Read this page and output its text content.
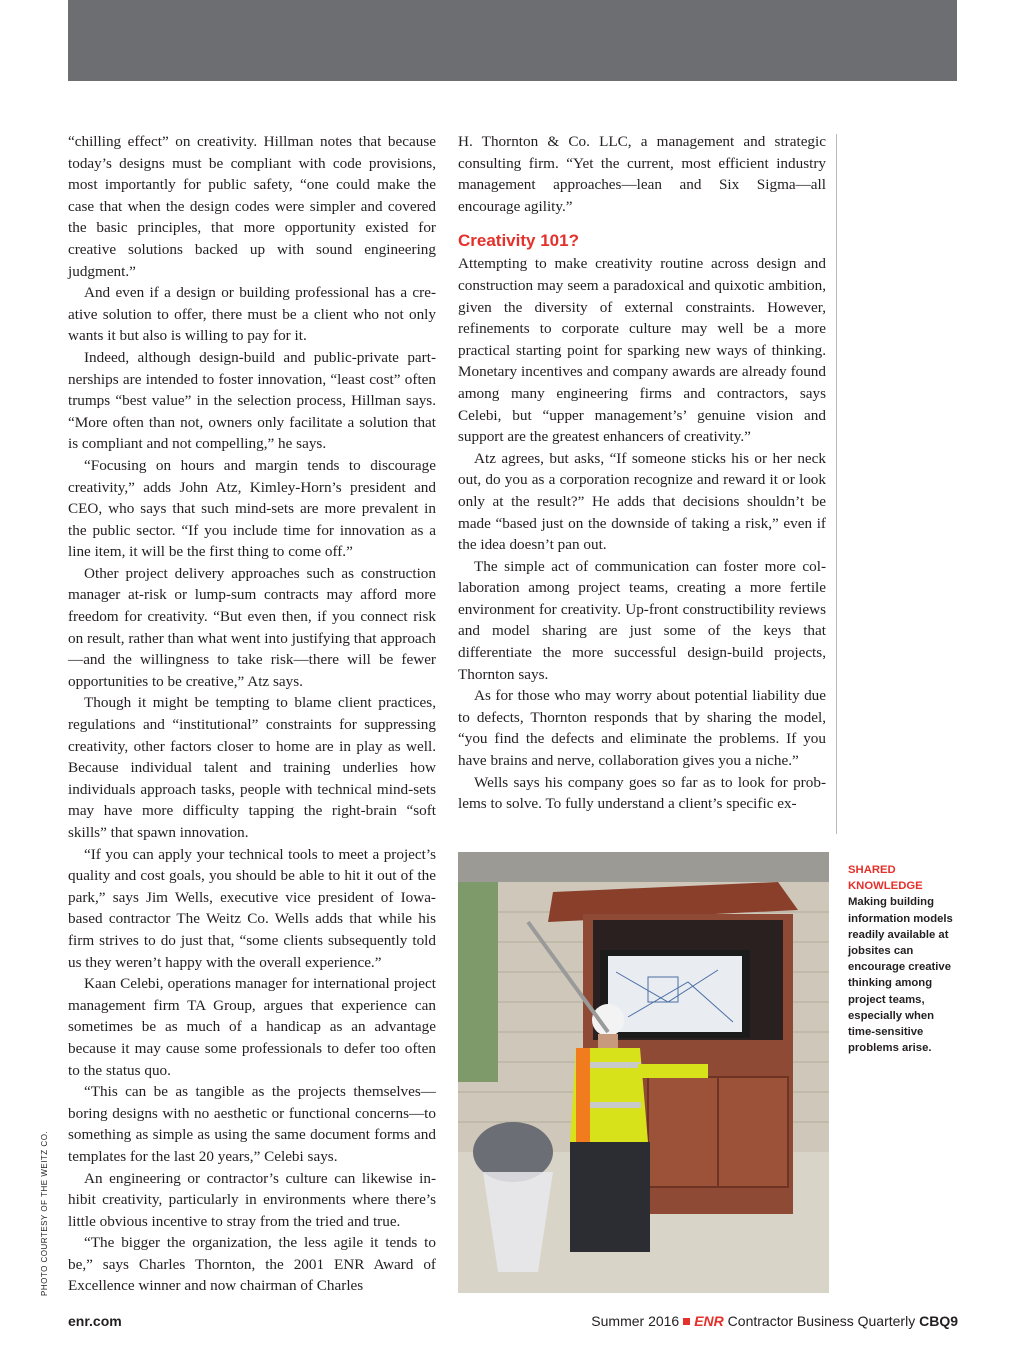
“chilling effect” on creativity. Hillman notes that because today’s designs must be compliant with code provisions, most importantly for public safety, “one could make the case that when the design codes were simpler and covered the basic principles, that more opportunity existed for creative solutions backed up with sound engineering judgment.”

And even if a design or building professional has a creative solution to offer, there must be a client who not only wants it but also is willing to pay for it.

Indeed, although design-build and public-private partnerships are intended to foster innovation, “least cost” often trumps “best value” in the selection process, Hillman says. “More often than not, owners only facilitate a solution that is compliant and not compelling,” he says.

“Focusing on hours and margin tends to discourage creativity,” adds John Atz, Kimley-Horn’s president and CEO, who says that such mind-sets are more prevalent in the public sector. “If you include time for innovation as a line item, it will be the first thing to come off.”

Other project delivery approaches such as construction manager at-risk or lump-sum contracts may afford more freedom for creativity. “But even then, if you connect risk on result, rather than what went into justifying that approach—and the willingness to take risk—there will be fewer opportunities to be creative,” Atz says.

Though it might be tempting to blame client practices, regulations and “institutional” constraints for suppressing creativity, other factors closer to home are in play as well. Because individual talent and training underlies how individuals approach tasks, people with technical mind-sets may have more difficulty tapping the right-brain “soft skills” that spawn innovation.

“If you can apply your technical tools to meet a project’s quality and cost goals, you should be able to hit it out of the park,” says Jim Wells, executive vice president of Iowa-based contractor The Weitz Co. Wells adds that while his firm strives to do just that, “some clients subsequently told us they weren’t happy with the overall experience.”

Kaan Celebi, operations manager for international project management firm TA Group, argues that experience can sometimes be as much of a handicap as an advantage because it may cause some professionals to defer too often to the status quo.

“This can be as tangible as the projects themselves—boring designs with no aesthetic or functional concerns—to something as simple as using the same document forms and templates for the last 20 years,” Celebi says.

An engineering or contractor’s culture can likewise inhibit creativity, particularly in environments where there’s little obvious incentive to stray from the tried and true.

“The bigger the organization, the less agile it tends to be,” says Charles Thornton, the 2001 ENR Award of Excellence winner and now chairman of Charles

H. Thornton & Co. LLC, a management and strategic consulting firm. “Yet the current, most efficient industry management approaches—lean and Six Sigma—all encourage agility.”

Creativity 101?

Attempting to make creativity routine across design and construction may seem a paradoxical and quixotic ambition, given the diversity of external constraints. However, refinements to corporate culture may well be a more practical starting point for sparking new ways of thinking. Monetary incentives and company awards are already found among many engineering firms and contractors, says Celebi, but “upper management’s’ genuine vision and support are the greatest enhancers of creativity.”

Atz agrees, but asks, “If someone sticks his or her neck out, do you as a corporation recognize and reward it or look only at the result?” He adds that decisions shouldn’t be made “based just on the downside of taking a risk,” even if the idea doesn’t pan out.

The simple act of communication can foster more collaboration among project teams, creating a more fertile environment for creativity. Up-front constructibility reviews and model sharing are just some of the keys that differentiate the more successful design-build projects, Thornton says.

As for those who may worry about potential liability due to defects, Thornton responds that by sharing the model, “you find the defects and eliminate the problems. If you have brains and nerve, collaboration gives you a niche.”

Wells says his company goes so far as to look for problems to solve. To fully understand a client’s specific ex-

SHARED KNOWLEDGE
Making building information models readily available at jobsites can encourage creative thinking among project teams, especially when time-sensitive problems arise.
PHOTO COURTESY OF THE WEITZ CO.
enr.com	Summer 2016 ENR Contractor Business Quarterly CBQ9
